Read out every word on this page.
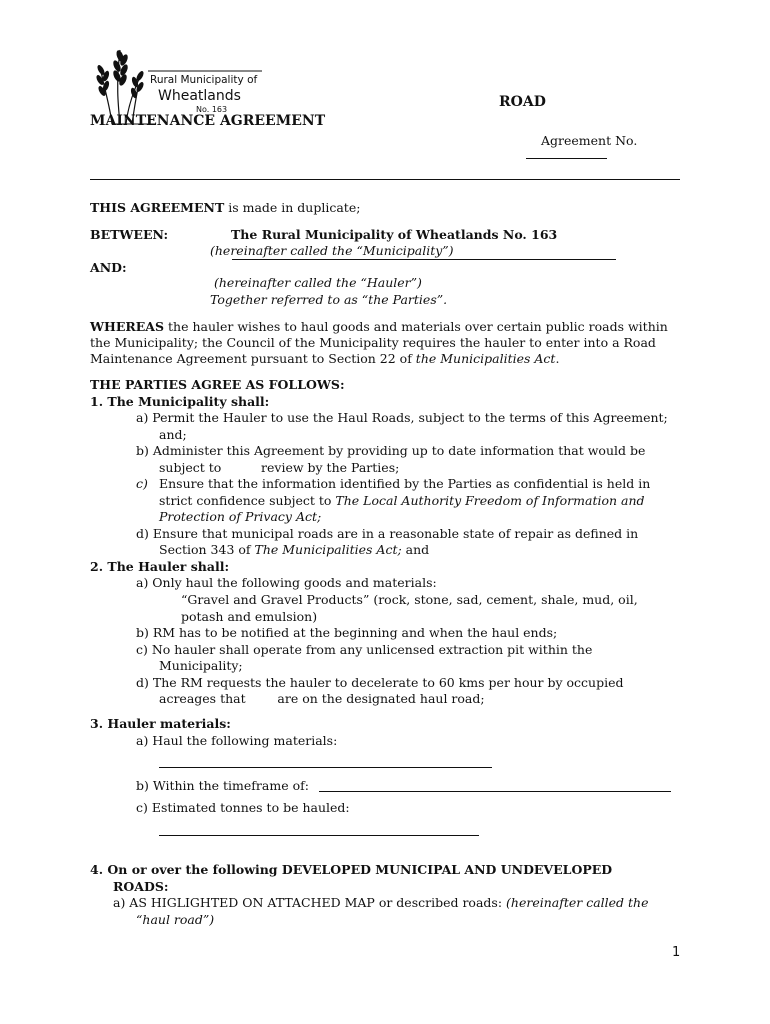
Rural Municipality of
Wheatlands
No. 163	ROAD
MAINTENANCE AGREEMENT
Agreement No.
THIS AGREEMENT is made in duplicate;
BETWEEN:	The Rural Municipality of Wheatlands No. 163
(hereinafter called the “Municipality”)
AND:
(hereinafter called the “Hauler”)
Together referred to as “the Parties”.
WHEREAS the hauler wishes to haul goods and materials over certain public roads within
the Municipality; the Council of the Municipality requires the hauler to enter into a Road
Maintenance Agreement pursuant to Section 22 of the Municipalities Act.
THE PARTIES AGREE AS FOLLOWS:
1. The Municipality shall:
a) Permit the Hauler to use the Haul Roads, subject to the terms of this Agreement;
and;
b) Administer this Agreement by providing up to date information that would be
subject to          review by the Parties;
c) Ensure that the information identified by the Parties as confidential is held in
strict confidence subject to The Local Authority Freedom of Information and
Protection of Privacy Act;
d) Ensure that municipal roads are in a reasonable state of repair as defined in
Section 343 of The Municipalities Act; and
2. The Hauler shall:
a) Only haul the following goods and materials:
“Gravel and Gravel Products” (rock, stone, sad, cement, shale, mud, oil,
potash and emulsion)
b) RM has to be notified at the beginning and when the haul ends;
c) No hauler shall operate from any unlicensed extraction pit within the
Municipality;
d) The RM requests the hauler to decelerate to 60 kms per hour by occupied
acreages that        are on the designated haul road;
3. Hauler materials:
a) Haul the following materials:
b) Within the timeframe of:
c) Estimated tonnes to be hauled:
4. On or over the following DEVELOPED MUNICIPAL AND UNDEVELOPED
ROADS:
a) AS HIGLIGHTED ON ATTACHED MAP or described roads: (hereinafter called the
“haul road”)
1
